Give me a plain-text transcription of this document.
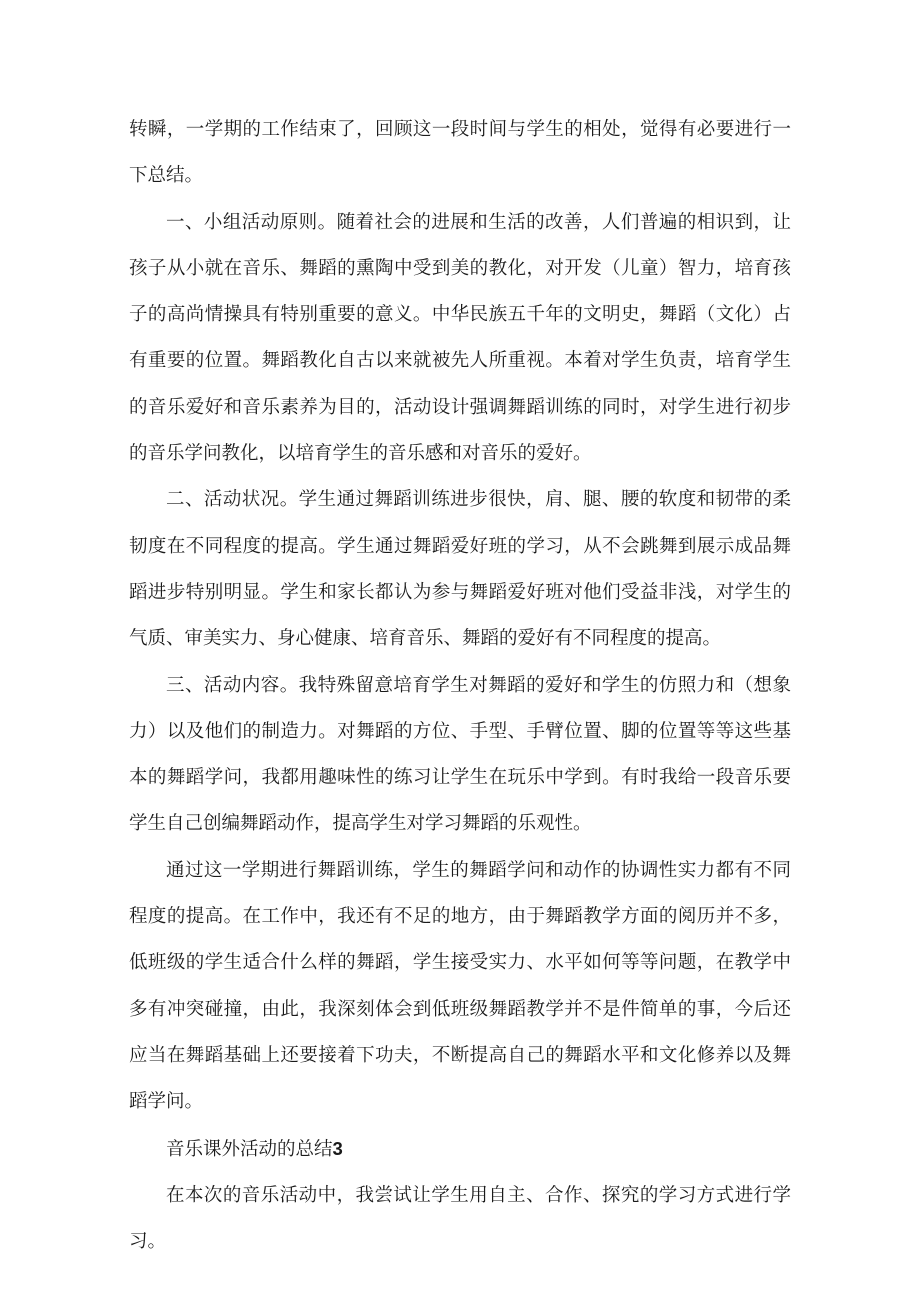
转瞬，一学期的工作结束了，回顾这一段时间与学生的相处，觉得有必要进行一下总结。

一、小组活动原则。随着社会的进展和生活的改善，人们普遍的相识到，让孩子从小就在音乐、舞蹈的熏陶中受到美的教化，对开发（儿童）智力，培育孩子的高尚情操具有特别重要的意义。中华民族五千年的文明史，舞蹈（文化）占有重要的位置。舞蹈教化自古以来就被先人所重视。本着对学生负责，培育学生的音乐爱好和音乐素养为目的，活动设计强调舞蹈训练的同时，对学生进行初步的音乐学问教化，以培育学生的音乐感和对音乐的爱好。

二、活动状况。学生通过舞蹈训练进步很快，肩、腿、腰的软度和韧带的柔韧度在不同程度的提高。学生通过舞蹈爱好班的学习，从不会跳舞到展示成品舞蹈进步特别明显。学生和家长都认为参与舞蹈爱好班对他们受益非浅，对学生的气质、审美实力、身心健康、培育音乐、舞蹈的爱好有不同程度的提高。

三、活动内容。我特殊留意培育学生对舞蹈的爱好和学生的仿照力和（想象力）以及他们的制造力。对舞蹈的方位、手型、手臂位置、脚的位置等等这些基本的舞蹈学问，我都用趣味性的练习让学生在玩乐中学到。有时我给一段音乐要学生自己创编舞蹈动作，提高学生对学习舞蹈的乐观性。

通过这一学期进行舞蹈训练，学生的舞蹈学问和动作的协调性实力都有不同程度的提高。在工作中，我还有不足的地方，由于舞蹈教学方面的阅历并不多，低班级的学生适合什么样的舞蹈，学生接受实力、水平如何等等问题，在教学中多有冲突碰撞，由此，我深刻体会到低班级舞蹈教学并不是件简单的事，今后还应当在舞蹈基础上还要接着下功夫，不断提高自己的舞蹈水平和文化修养以及舞蹈学问。

音乐课外活动的总结3

在本次的音乐活动中，我尝试让学生用自主、合作、探究的学习方式进行学习。
